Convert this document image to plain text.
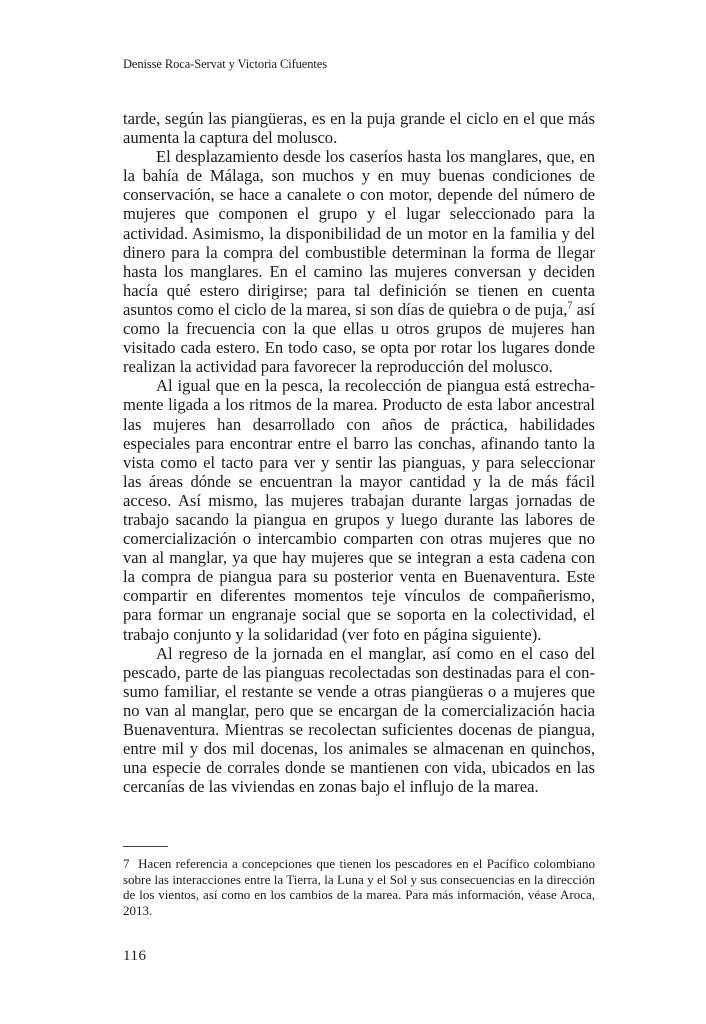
Denisse Roca-Servat y Victoria Cifuentes

tarde, según las piangüeras, es en la puja grande el ciclo en el que más aumenta la captura del molusco.

El desplazamiento desde los caseríos hasta los manglares, que, en la bahía de Málaga, son muchos y en muy buenas condiciones de conservación, se hace a canalete o con motor, depende del número de mujeres que componen el grupo y el lugar seleccionado para la actividad. Asimismo, la disponibilidad de un motor en la familia y del dinero para la compra del combustible determinan la forma de llegar hasta los manglares. En el camino las mujeres conversan y deciden hacía qué estero dirigirse; para tal definición se tienen en cuenta asuntos como el ciclo de la marea, si son días de quiebra o de puja,$^7$ así como la frecuencia con la que ellas u otros grupos de mujeres han visitado cada estero. En todo caso, se opta por rotar los lugares donde realizan la actividad para favorecer la reproducción del molusco.

Al igual que en la pesca, la recolección de piangua está estrechamente ligada a los ritmos de la marea. Producto de esta labor ancestral las mujeres han desarrollado con años de práctica, habilidades especiales para encontrar entre el barro las conchas, afinando tanto la vista como el tacto para ver y sentir las pianguas, y para seleccionar las áreas dónde se encuentran la mayor cantidad y la de más fácil acceso. Así mismo, las mujeres trabajan durante largas jornadas de trabajo sacando la piangua en grupos y luego durante las labores de comercialización o intercambio comparten con otras mujeres que no van al manglar, ya que hay mujeres que se integran a esta cadena con la compra de piangua para su posterior venta en Buenaventura. Este compartir en diferentes momentos teje vínculos de compañerismo, para formar un engranaje social que se soporta en la colectividad, el trabajo conjunto y la solidaridad (ver foto en página siguiente).

Al regreso de la jornada en el manglar, así como en el caso del pescado, parte de las pianguas recolectadas son destinadas para el consumo familiar, el restante se vende a otras piangüeras o a mujeres que no van al manglar, pero que se encargan de la comercialización hacia Buenaventura. Mientras se recolectan suficientes docenas de piangua, entre mil y dos mil docenas, los animales se almacenan en quinchos, una especie de corrales donde se mantienen con vida, ubicados en las cercanías de las viviendas en zonas bajo el influjo de la marea.

7 Hacen referencia a concepciones que tienen los pescadores en el Pacífico colombiano sobre las interacciones entre la Tierra, la Luna y el Sol y sus consecuencias en la dirección de los vientos, así como en los cambios de la marea. Para más información, véase Aroca, 2013.
116
